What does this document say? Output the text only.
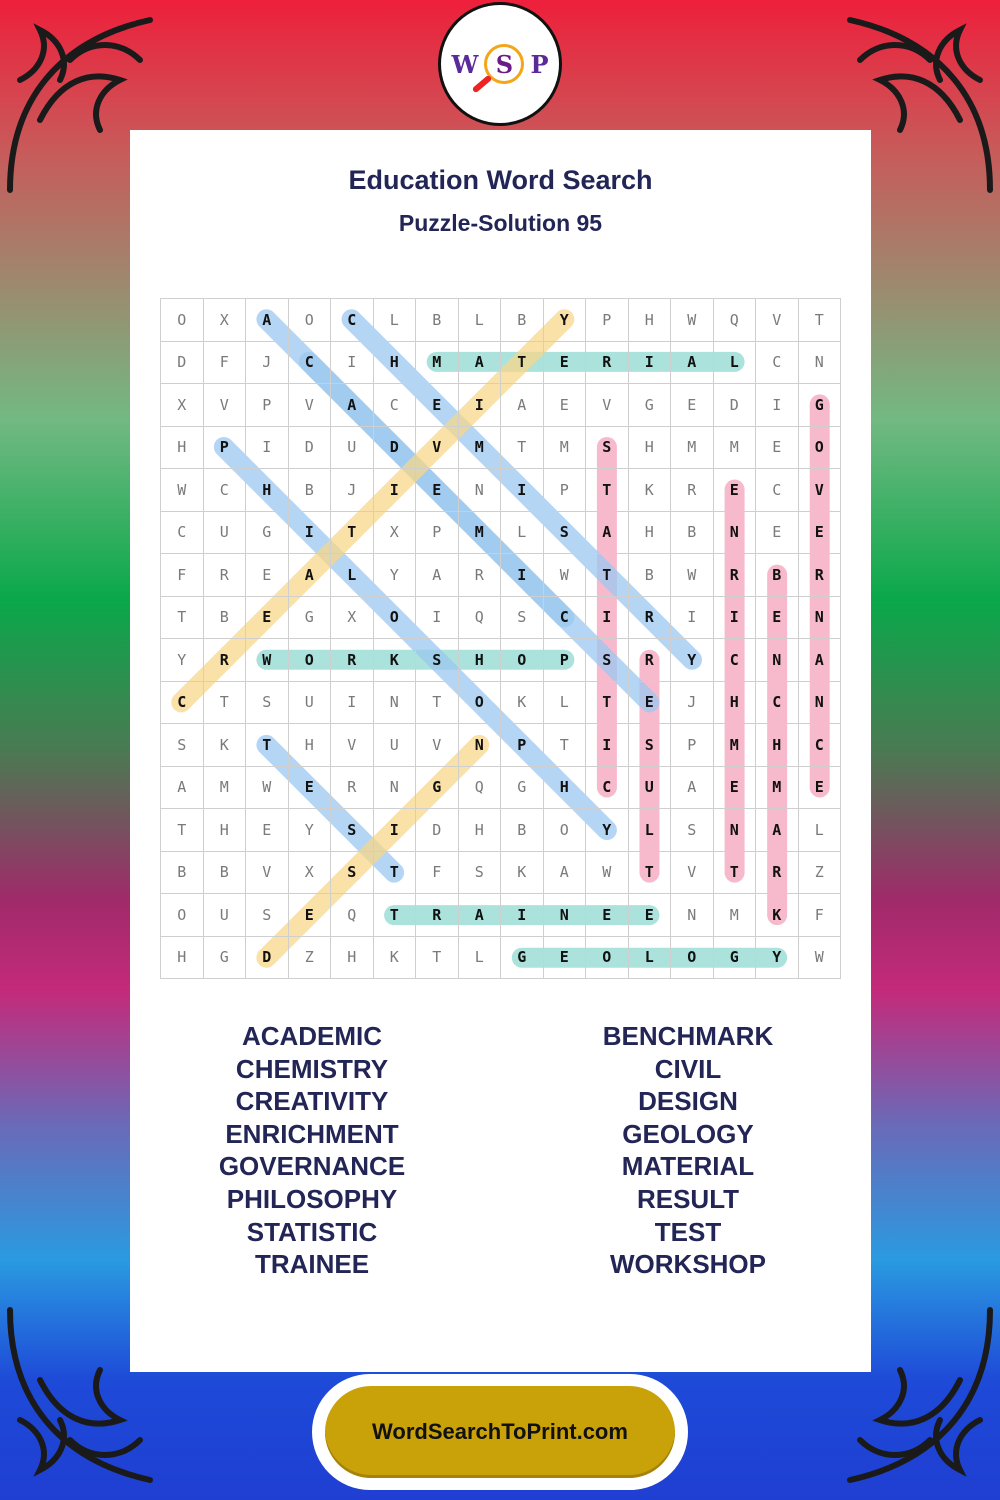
W S P
Education Word Search
Puzzle-Solution 95
O	X	A	O	C	L	B	L	B	Y	P	H	W	Q	V	T
D	F	J	C	I	H	M	A	T	E	R	I	A	L	C	N
X	V	P	V	A	C	E	I	A	E	V	G	E	D	I	G
H	P	I	D	U	D	V	M	T	M	S	H	M	M	E	O
W	C	H	B	J	I	E	N	I	P	T	K	R	E	C	V
C	U	G	I	T	X	P	M	L	S	A	H	B	N	E	E
F	R	E	A	L	Y	A	R	I	W	T	B	W	R	B	R
T	B	E	G	X	O	I	Q	S	C	I	R	I	I	E	N
Y	R	W	O	R	K	S	H	O	P	S	R	Y	C	N	A
C	T	S	U	I	N	T	O	K	L	T	E	J	H	C	N
S	K	T	H	V	U	V	N	P	T	I	S	P	M	H	C
A	M	W	E	R	N	G	Q	G	H	C	U	A	E	M	E
T	H	E	Y	S	I	D	H	B	O	Y	L	S	N	A	L
B	B	V	X	S	T	F	S	K	A	W	T	V	T	R	Z
O	U	S	E	Q	T	R	A	I	N	E	E	N	M	K	F
H	G	D	Z	H	K	T	L	G	E	O	L	O	G	Y	W
ACADEMIC
CHEMISTRY
CREATIVITY
ENRICHMENT
GOVERNANCE
PHILOSOPHY
STATISTIC
TRAINEE
BENCHMARK
CIVIL
DESIGN
GEOLOGY
MATERIAL
RESULT
TEST
WORKSHOP
WordSearchToPrint.com
